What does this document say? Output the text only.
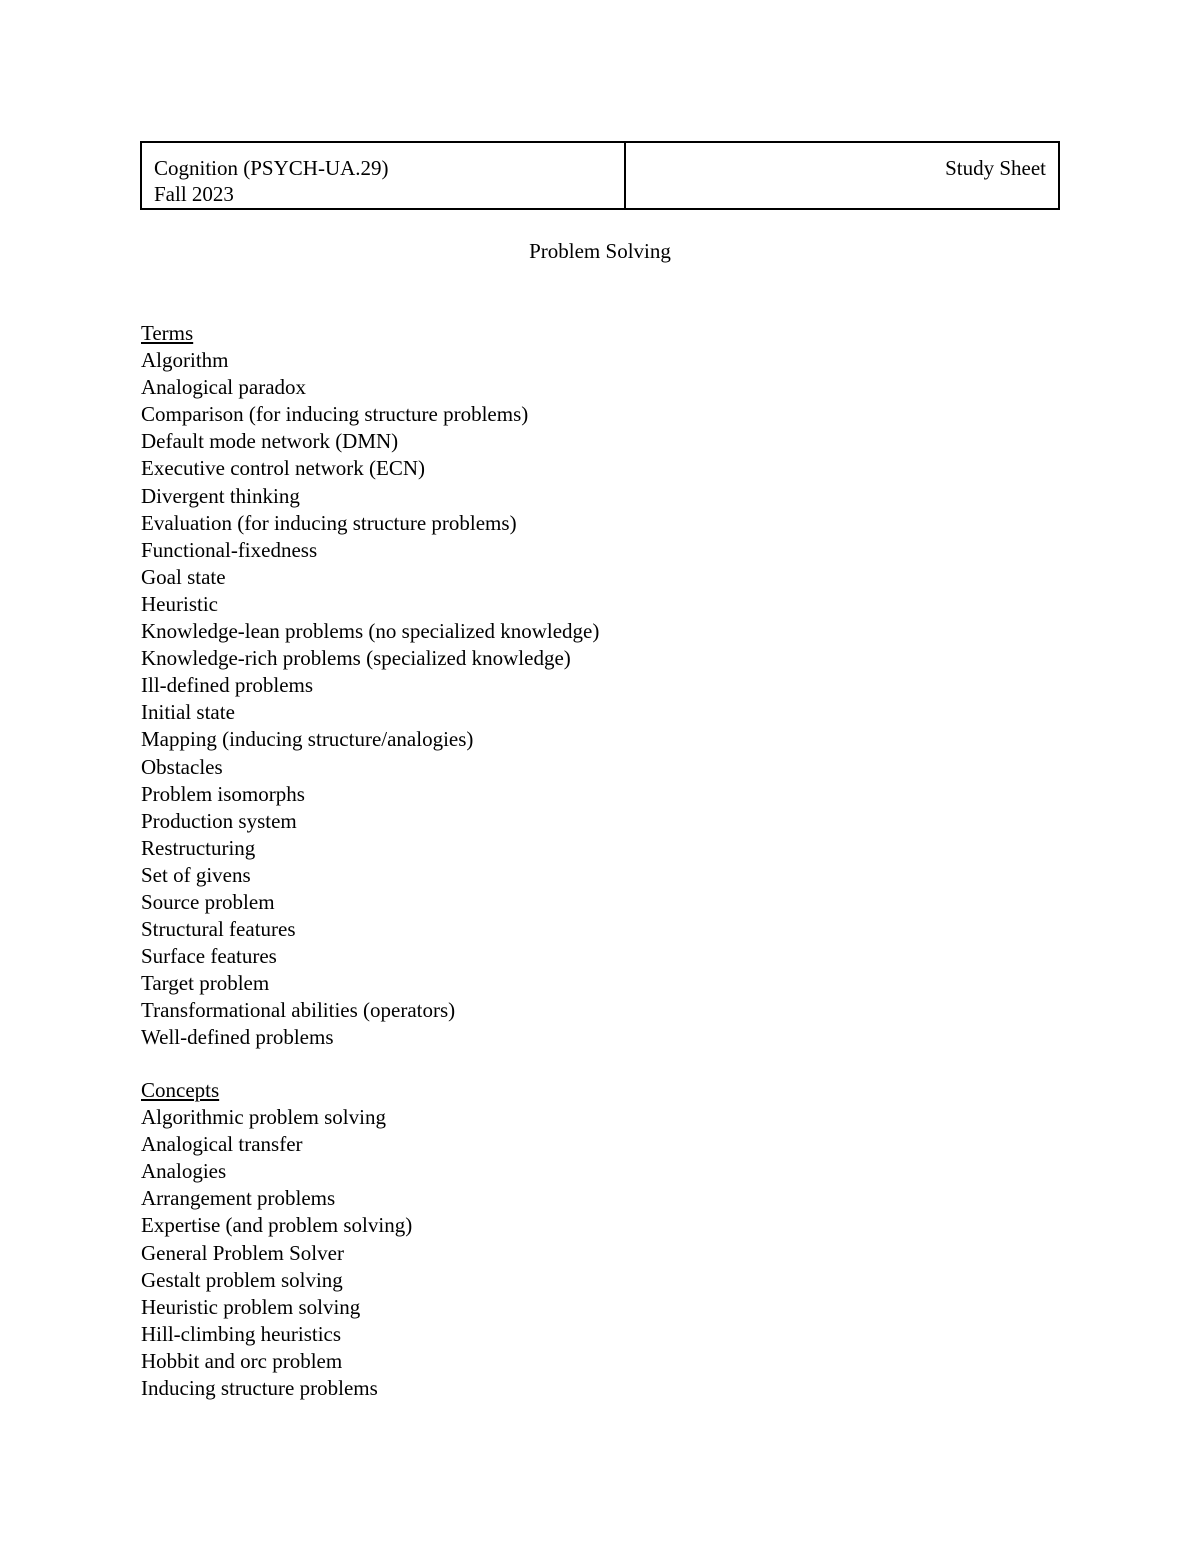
Cognition (PSYCH-UA.29)
Fall 2023

Study Sheet
Problem Solving
Terms
Algorithm
Analogical paradox
Comparison (for inducing structure problems)
Default mode network (DMN)
Executive control network (ECN)
Divergent thinking
Evaluation (for inducing structure problems)
Functional-fixedness
Goal state
Heuristic
Knowledge-lean problems (no specialized knowledge)
Knowledge-rich problems (specialized knowledge)
Ill-defined problems
Initial state
Mapping (inducing structure/analogies)
Obstacles
Problem isomorphs
Production system
Restructuring
Set of givens
Source problem
Structural features
Surface features
Target problem
Transformational abilities (operators)
Well-defined problems
Concepts
Algorithmic problem solving
Analogical transfer
Analogies
Arrangement problems
Expertise (and problem solving)
General Problem Solver
Gestalt problem solving
Heuristic problem solving
Hill-climbing heuristics
Hobbit and orc problem
Inducing structure problems
